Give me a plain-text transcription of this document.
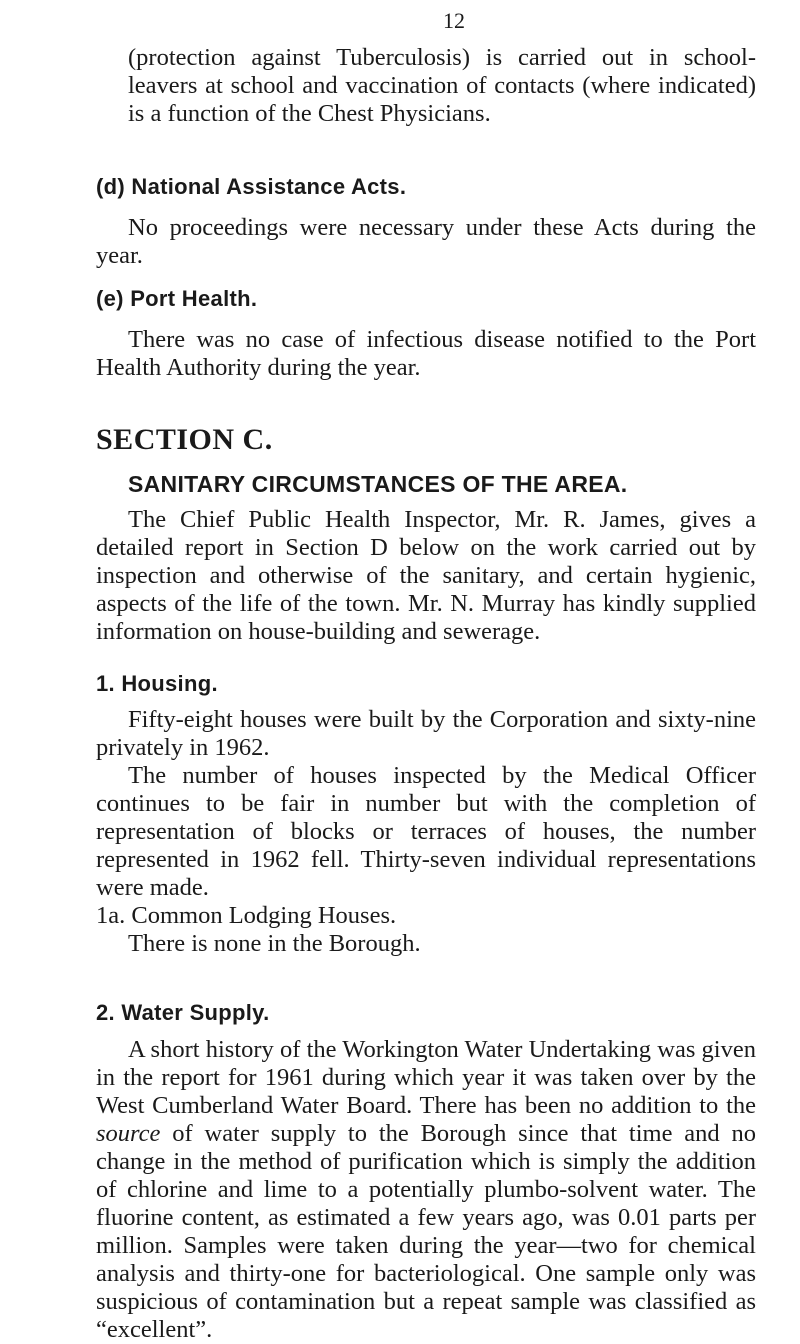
12

(protection against Tuberculosis) is carried out in school-leavers at school and vaccination of contacts (where indicated) is a function of the Chest Physicians.

(d) National Assistance Acts.

No proceedings were necessary under these Acts during the year.

(e) Port Health.

There was no case of infectious disease notified to the Port Health Authority during the year.

SECTION C.
SANITARY CIRCUMSTANCES OF THE AREA.

The Chief Public Health Inspector, Mr. R. James, gives a detailed report in Section D below on the work carried out by inspection and otherwise of the sanitary, and certain hygienic, aspects of the life of the town. Mr. N. Murray has kindly supplied information on house-building and sewerage.

1. Housing.

Fifty-eight houses were built by the Corporation and sixty-nine privately in 1962.

The number of houses inspected by the Medical Officer continues to be fair in number but with the completion of representation of blocks or terraces of houses, the number represented in 1962 fell. Thirty-seven individual representations were made.

1a. Common Lodging Houses.

There is none in the Borough.

2. Water Supply.

A short history of the Workington Water Undertaking was given in the report for 1961 during which year it was taken over by the West Cumberland Water Board. There has been no addition to the source of water supply to the Borough since that time and no change in the method of purification which is simply the addition of chlorine and lime to a potentially plumbo-solvent water. The fluorine content, as estimated a few years ago, was 0.01 parts per million. Samples were taken during the year—two for chemical analysis and thirty-one for bacteriological. One sample only was suspicious of contamination but a repeat sample was classified as “excellent”.
